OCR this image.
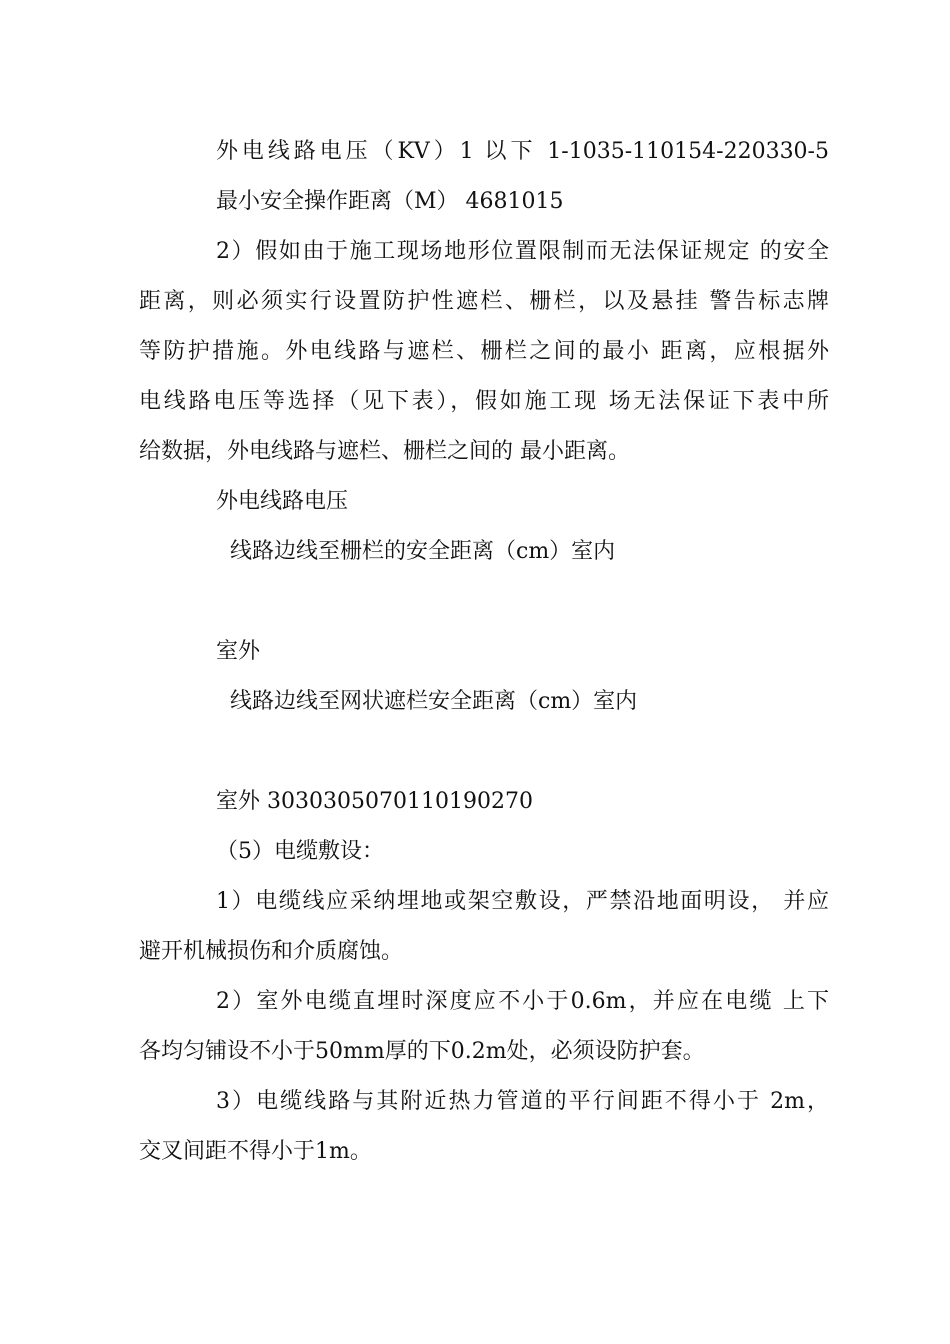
外电线路电压（KV）1 以下 1-1035-110154-220330-5

最小安全操作距离（M） 4681015

2）假如由于施工现场地形位置限制而无法保证规定 的安全

距离，则必须实行设置防护性遮栏、栅栏，以及悬挂 警告标志牌

等防护措施。外电线路与遮栏、栅栏之间的最小 距离，应根据外

电线路电压等选择（见下表），假如施工现 场无法保证下表中所

给数据，外电线路与遮栏、栅栏之间的 最小距离。

外电线路电压

线路边线至栅栏的安全距离（cm）室内

室外

线路边线至网状遮栏安全距离（cm）室内

室外 3030305070110190270

（5）电缆敷设：

1）电缆线应采纳埋地或架空敷设，严禁沿地面明设， 并应

避开机械损伤和介质腐蚀。

2）室外电缆直埋时深度应不小于0.6m，并应在电缆 上下

各均匀铺设不小于50mm厚的下0.2m处，必须设防护套。

3）电缆线路与其附近热力管道的平行间距不得小于 2m，

交叉间距不得小于1m。
